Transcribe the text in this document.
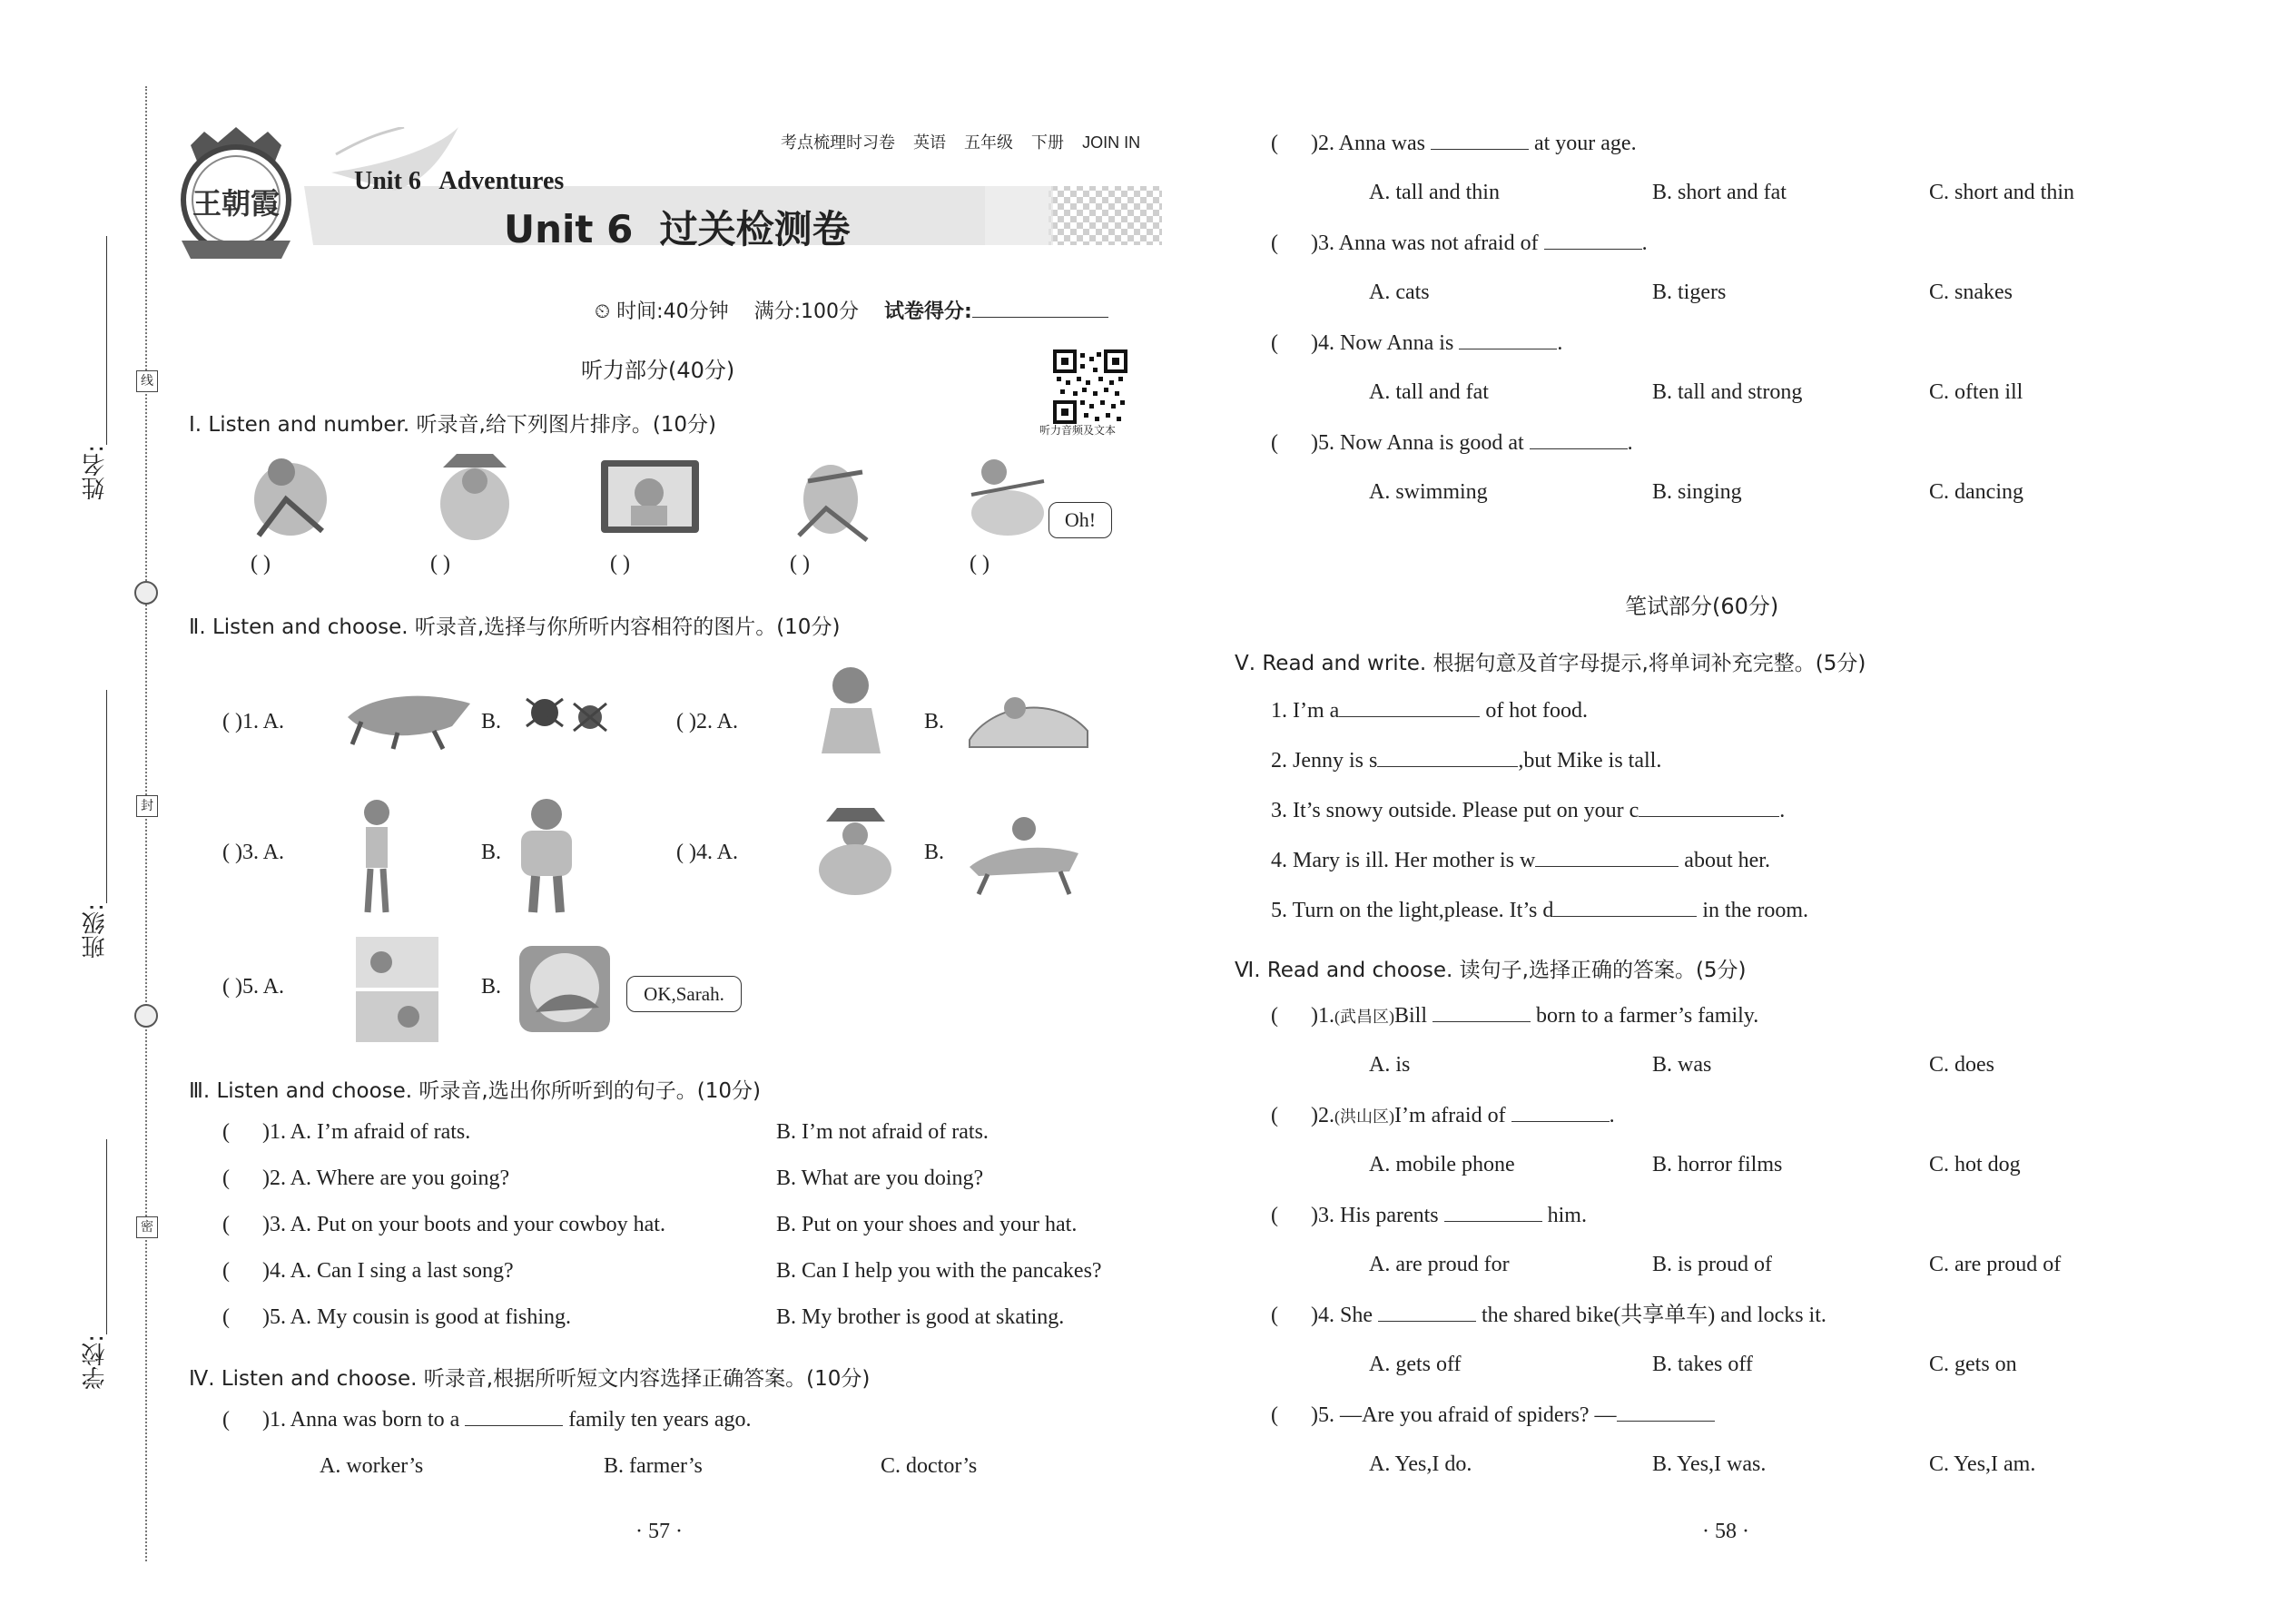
姓名:
线
班级:
封
学校:
密
王朝霞
考点梳理时习卷 英语 五年级 下册 JOIN IN
Unit 6   Adventures
Unit 6  过关检测卷
⏲ 时间:40分钟 满分:100分 试卷得分:
听力音频及文本
听力部分(40分)
Ⅰ. Listen and number. 听录音,给下列图片排序。(10分)
Oh!
( )	( )	( )	( )	( )
Ⅱ. Listen and choose. 听录音,选择与你所听内容相符的图片。(10分)
( )1. A.	B.	( )2. A.	B.
( )3. A.	B.	( )4. A.	B.
( )5. A.	B.	OK,Sarah.
Ⅲ. Listen and choose. 听录音,选出你所听到的句子。(10分)
(      )1. A. I’m afraid of rats.	B. I’m not afraid of rats.
(      )2. A. Where are you going?	B. What are you doing?
(      )3. A. Put on your boots and your cowboy hat.	B. Put on your shoes and your hat.
(      )4. A. Can I sing a last song?	B. Can I help you with the pancakes?
(      )5. A. My cousin is good at fishing.	B. My brother is good at skating.
Ⅳ. Listen and choose. 听录音,根据所听短文内容选择正确答案。(10分)
(      )1. Anna was born to a	family ten years ago.
A. worker’s	B. farmer’s	C. doctor’s
· 57 ·
(      )2. Anna was	at your age.
A. tall and thin	B. short and fat	C. short and thin
(      )3. Anna was not afraid of	.
A. cats	B. tigers	C. snakes
(      )4. Now Anna is	.
A. tall and fat	B. tall and strong	C. often ill
(      )5. Now Anna is good at	.
A. swimming	B. singing	C. dancing
笔试部分(60分)
Ⅴ. Read and write. 根据句意及首字母提示,将单词补充完整。(5分)
1. I’m a	of hot food.
2. Jenny is s	,but Mike is tall.
3. It’s snowy outside. Please put on your c	.
4. Mary is ill. Her mother is w	about her.
5. Turn on the light,please. It’s d	in the room.
Ⅵ. Read and choose. 读句子,选择正确的答案。(5分)
(      )1.(武昌区)Bill	born to a farmer’s family.
A. is	B. was	C. does
(      )2.(洪山区)I’m afraid of	.
A. mobile phone	B. horror films	C. hot dog
(      )3. His parents	him.
A. are proud for	B. is proud of	C. are proud of
(      )4. She	the shared bike(共享单车) and locks it.
A. gets off	B. takes off	C. gets on
(      )5. —Are you afraid of spiders? —
A. Yes,I do.	B. Yes,I was.	C. Yes,I am.
· 58 ·
